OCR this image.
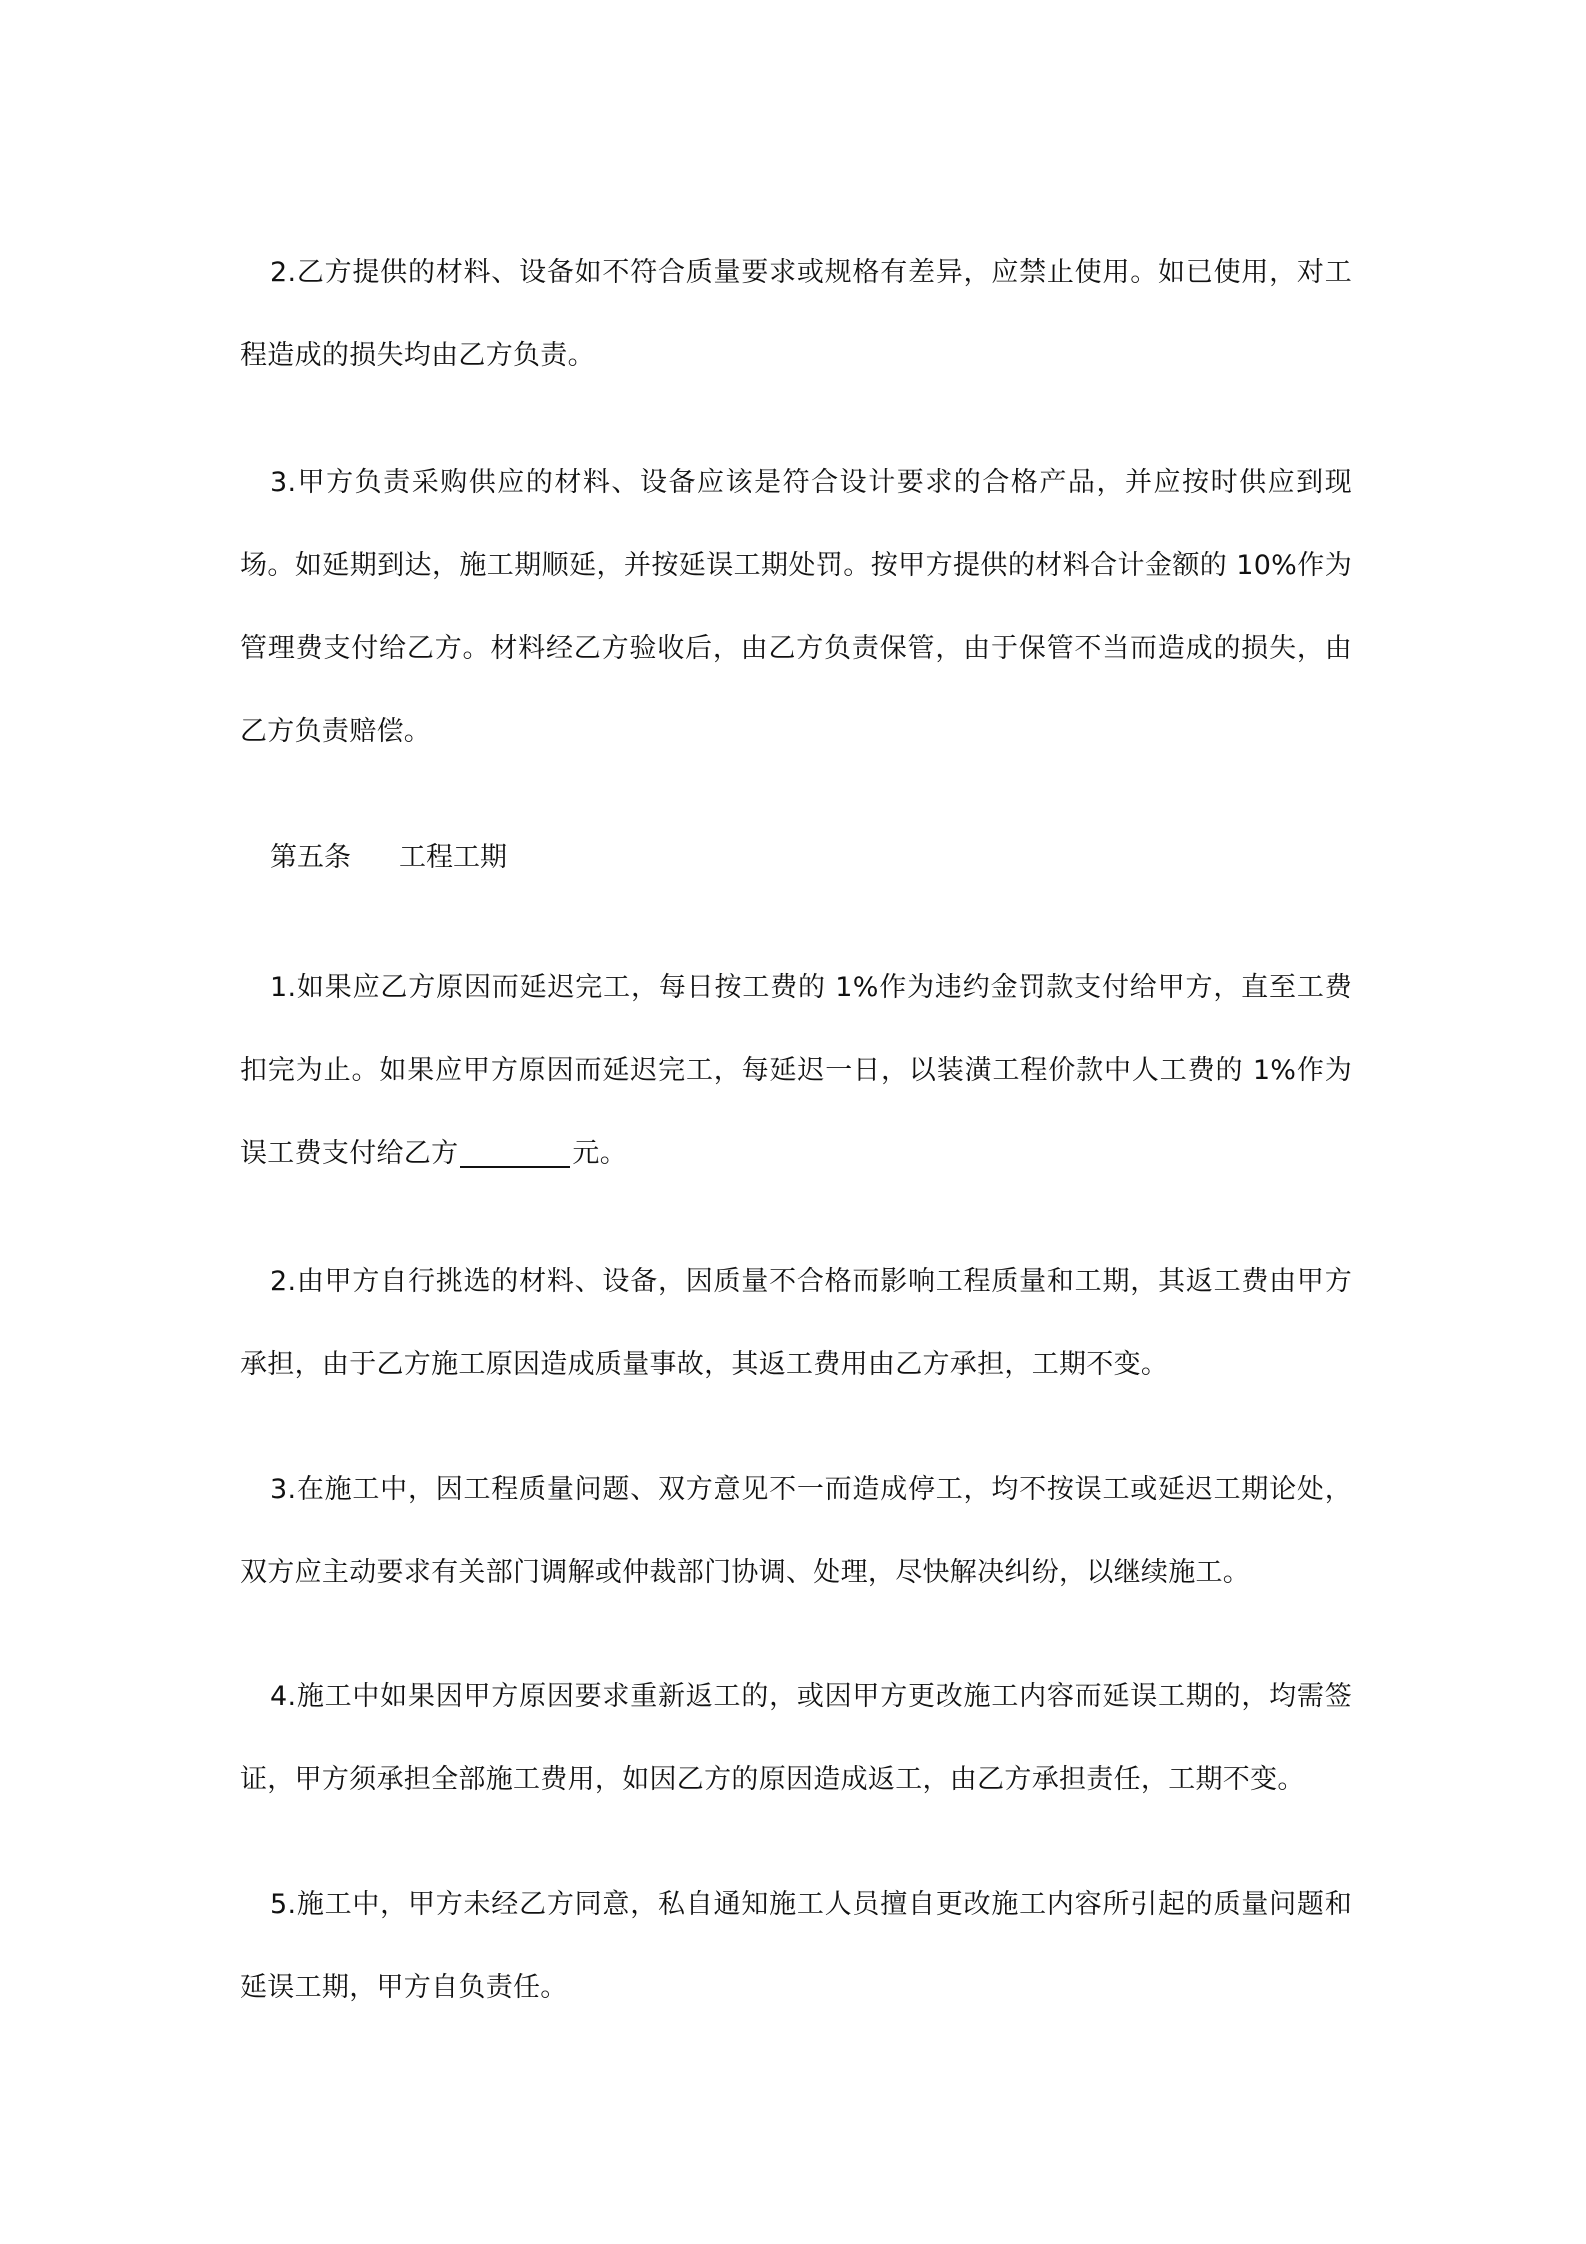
2.乙方提供的材料、设备如不符合质量要求或规格有差异，应禁止使用。如已使用，对工程造成的损失均由乙方负责。

3.甲方负责采购供应的材料、设备应该是符合设计要求的合格产品，并应按时供应到现场。如延期到达，施工期顺延，并按延误工期处罚。按甲方提供的材料合计金额的 10%作为管理费支付给乙方。材料经乙方验收后，由乙方负责保管，由于保管不当而造成的损失，由乙方负责赔偿。

第五条 工程工期

1.如果应乙方原因而延迟完工，每日按工费的 1%作为违约金罚款支付给甲方，直至工费扣完为止。如果应甲方原因而延迟完工，每延迟一日，以装潢工程价款中人工费的 1%作为误工费支付给乙方	元。

2.由甲方自行挑选的材料、设备，因质量不合格而影响工程质量和工期，其返工费由甲方承担，由于乙方施工原因造成质量事故，其返工费用由乙方承担，工期不变。

3.在施工中，因工程质量问题、双方意见不一而造成停工，均不按误工或延迟工期论处，双方应主动要求有关部门调解或仲裁部门协调、处理，尽快解决纠纷，以继续施工。

4.施工中如果因甲方原因要求重新返工的，或因甲方更改施工内容而延误工期的，均需签证，甲方须承担全部施工费用，如因乙方的原因造成返工，由乙方承担责任，工期不变。

5.施工中，甲方未经乙方同意，私自通知施工人员擅自更改施工内容所引起的质量问题和延误工期，甲方自负责任。
